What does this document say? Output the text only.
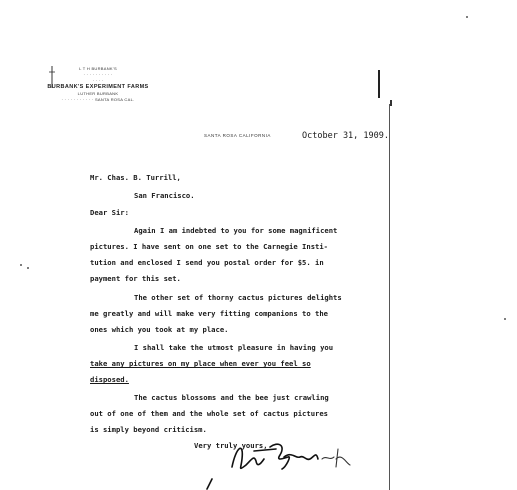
L T H BURBANK'S
· · · · · · · · · ·
· · · ·
BURBANK'S EXPERIMENT FARMS
LUTHER BURBANK
· · · · · · · · · · · SANTA ROSA CAL.
SANTA ROSA CALIFORNIA	October 31, 1909.
Mr. Chas. B. Turrill,
San Francisco.
Dear Sir:
Again I am indebted to you for some magnificent
pictures. I have sent on one set to the Carnegie Insti-
tution and enclosed I send you postal order for $5. in
payment for this set.
The other set of thorny cactus pictures delights
me greatly and will make very fitting companions to the
ones which you took at my place.
I shall take the utmost pleasure in having you
take any pictures on my place when ever you feel so
disposed.
The cactus blossoms and the bee just crawling
out of one of them and the whole set of cactus pictures
is simply beyond criticism.
Very truly yours,
